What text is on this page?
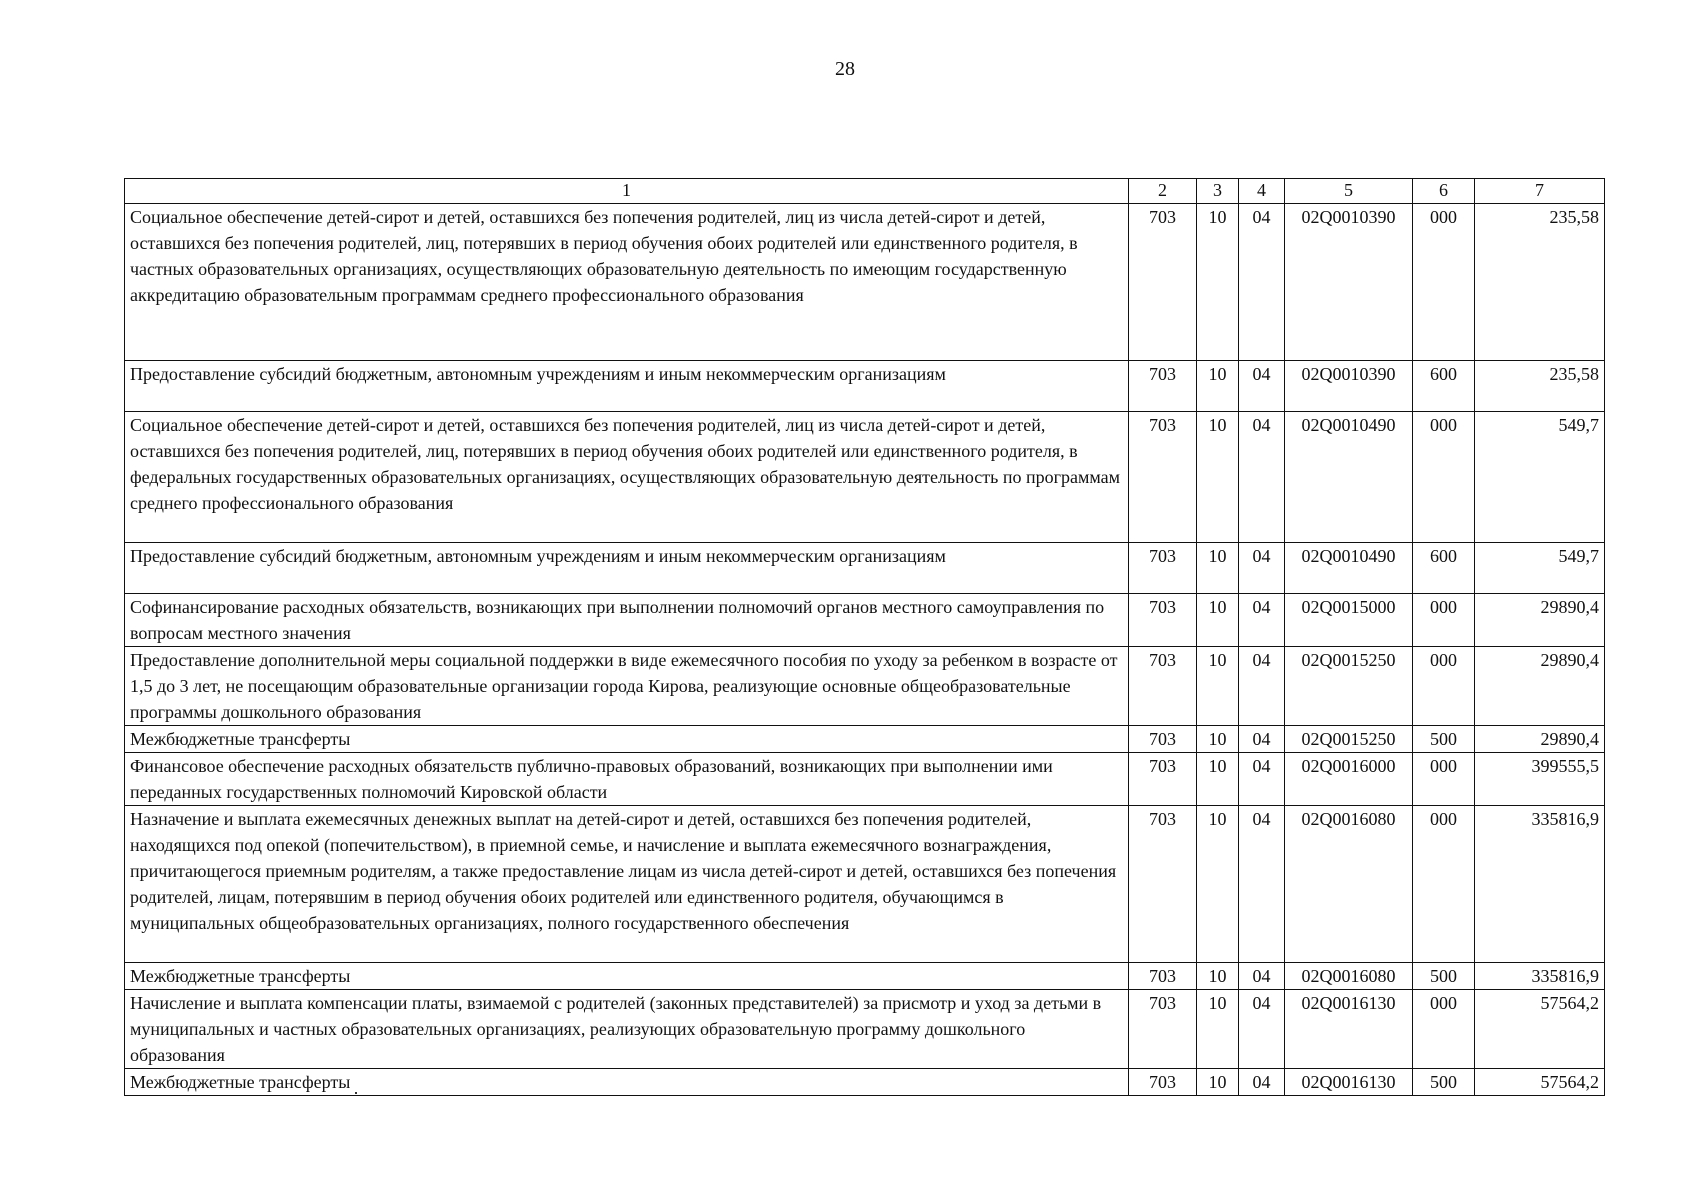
28
1	2	3	4	5	6	7
Социальное обеспечение детей-сирот и детей, оставшихся без попечения родителей, лиц из числа детей-сирот и детей, оставшихся без попечения родителей, лиц, потерявших в период обучения обоих родителей или единственного родителя, в частных образовательных организациях, осуществляющих образовательную деятельность по имеющим государственную аккредитацию образовательным программам среднего профессионального образования	703	10	04	02Q0010390	000	235,58
Предоставление субсидий бюджетным, автономным учреждениям и иным некоммерческим организациям	703	10	04	02Q0010390	600	235,58
Социальное обеспечение детей-сирот и детей, оставшихся без попечения родителей, лиц из числа детей-сирот и детей, оставшихся без попечения родителей, лиц, потерявших в период обучения обоих родителей или единственного родителя, в федеральных государственных образовательных организациях, осуществляющих образовательную деятельность по программам среднего профессионального образования	703	10	04	02Q0010490	000	549,7
Предоставление субсидий бюджетным, автономным учреждениям и иным некоммерческим организациям	703	10	04	02Q0010490	600	549,7
Софинансирование расходных обязательств, возникающих при выполнении полномочий органов местного самоуправления по вопросам местного значения	703	10	04	02Q0015000	000	29890,4
Предоставление дополнительной меры социальной поддержки в виде ежемесячного пособия по уходу за ребенком в возрасте от 1,5 до 3 лет, не посещающим образовательные организации города Кирова, реализующие основные общеобразовательные программы дошкольного образования	703	10	04	02Q0015250	000	29890,4
Межбюджетные трансферты	703	10	04	02Q0015250	500	29890,4
Финансовое обеспечение расходных обязательств публично-правовых образований, возникающих при выполнении ими переданных государственных полномочий Кировской области	703	10	04	02Q0016000	000	399555,5
Назначение и выплата ежемесячных денежных выплат на детей-сирот и детей, оставшихся без попечения родителей, находящихся под опекой (попечительством), в приемной семье, и начисление и выплата ежемесячного вознаграждения, причитающегося приемным родителям, а также предоставление лицам из числа детей-сирот и детей, оставшихся без попечения родителей, лицам, потерявшим в период обучения обоих родителей или единственного родителя, обучающимся в муниципальных общеобразовательных организациях, полного государственного обеспечения	703	10	04	02Q0016080	000	335816,9
Межбюджетные трансферты	703	10	04	02Q0016080	500	335816,9
Начисление и выплата компенсации платы, взимаемой с родителей (законных представителей) за присмотр и уход за детьми в муниципальных и частных образовательных организациях, реализующих образовательную программу дошкольного образования	703	10	04	02Q0016130	000	57564,2
Межбюджетные трансферты	703	10	04	02Q0016130	500	57564,2
